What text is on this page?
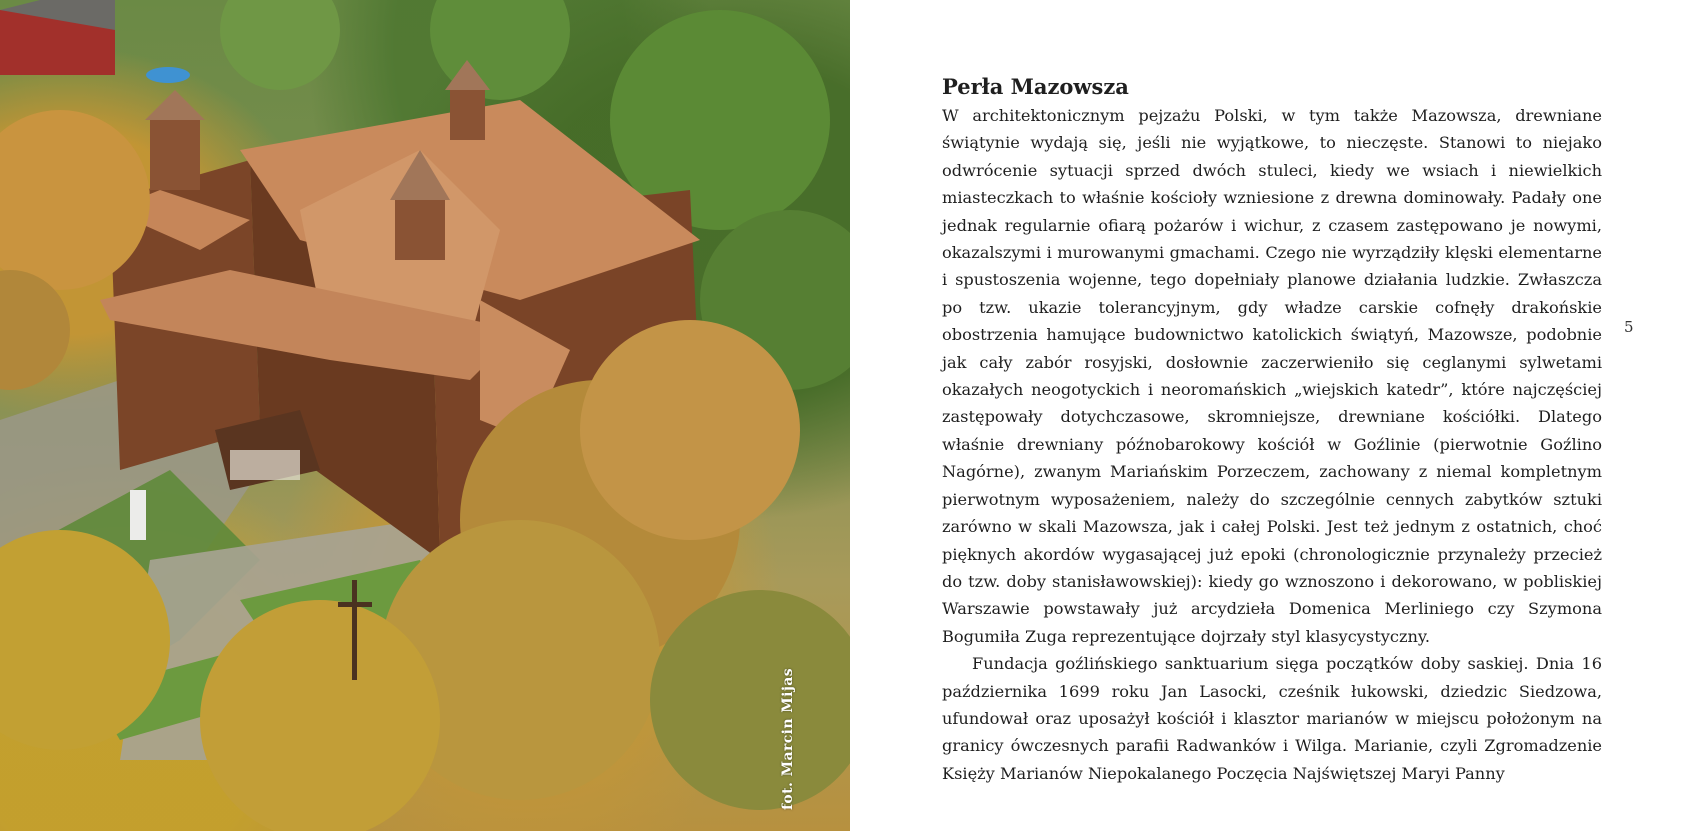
fot. Marcin Mijas
Perła Mazowsza

W architektonicznym pejzażu Polski, w tym także Mazowsza, drewniane świątynie wydają się, jeśli nie wyjątkowe, to nieczęste. Stanowi to niejako odwrócenie sytuacji sprzed dwóch stuleci, kiedy we wsiach i niewielkich miasteczkach to właśnie kościoły wzniesione z drewna dominowały. Padały one jednak regularnie ofiarą pożarów i wichur, z czasem zastępowano je nowymi, okazalszymi i murowanymi gmachami. Czego nie wyrządziły klęski elementarne i spustoszenia wojenne, tego dopełniały planowe działania ludzkie. Zwłaszcza po tzw. ukazie tolerancyjnym, gdy władze carskie cofnęły drakońskie obostrzenia hamujące budownictwo katolickich świątyń, Mazowsze, podobnie jak cały zabór rosyjski, dosłownie zaczerwieniło się ceglanymi sylwetami okazałych neogotyckich i neoromańskich „wiejskich katedr”, które najczęściej zastępowały dotychczasowe, skromniejsze, drewniane kościółki. Dlatego właśnie drewniany późnobarokowy kościół w Goźlinie (pierwotnie Goźlino Nagórne), zwanym Mariańskim Porzeczem, zachowany z niemal kompletnym pierwotnym wyposażeniem, należy do szczególnie cennych zabytków sztuki zarówno w skali Mazowsza, jak i całej Polski. Jest też jednym z ostatnich, choć pięknych akordów wygasającej już epoki (chronologicznie przynależy przecież do tzw. doby stanisławowskiej): kiedy go wznoszono i dekorowano, w pobliskiej Warszawie powstawały już arcydzieła Domenica Merliniego czy Szymona Bogumiła Zuga reprezentujące dojrzały styl klasycystyczny.

Fundacja goźlińskiego sanktuarium sięga początków doby saskiej. Dnia 16 października 1699 roku Jan Lasocki, cześnik łukowski, dziedzic Siedzowa, ufundował oraz uposażył kościół i klasztor marianów w miejscu położonym na granicy ówczesnych parafii Radwanków i Wilga. Marianie, czyli Zgromadzenie Księży Marianów Niepokalanego Poczęcia Najświętszej Maryi Panny

5
